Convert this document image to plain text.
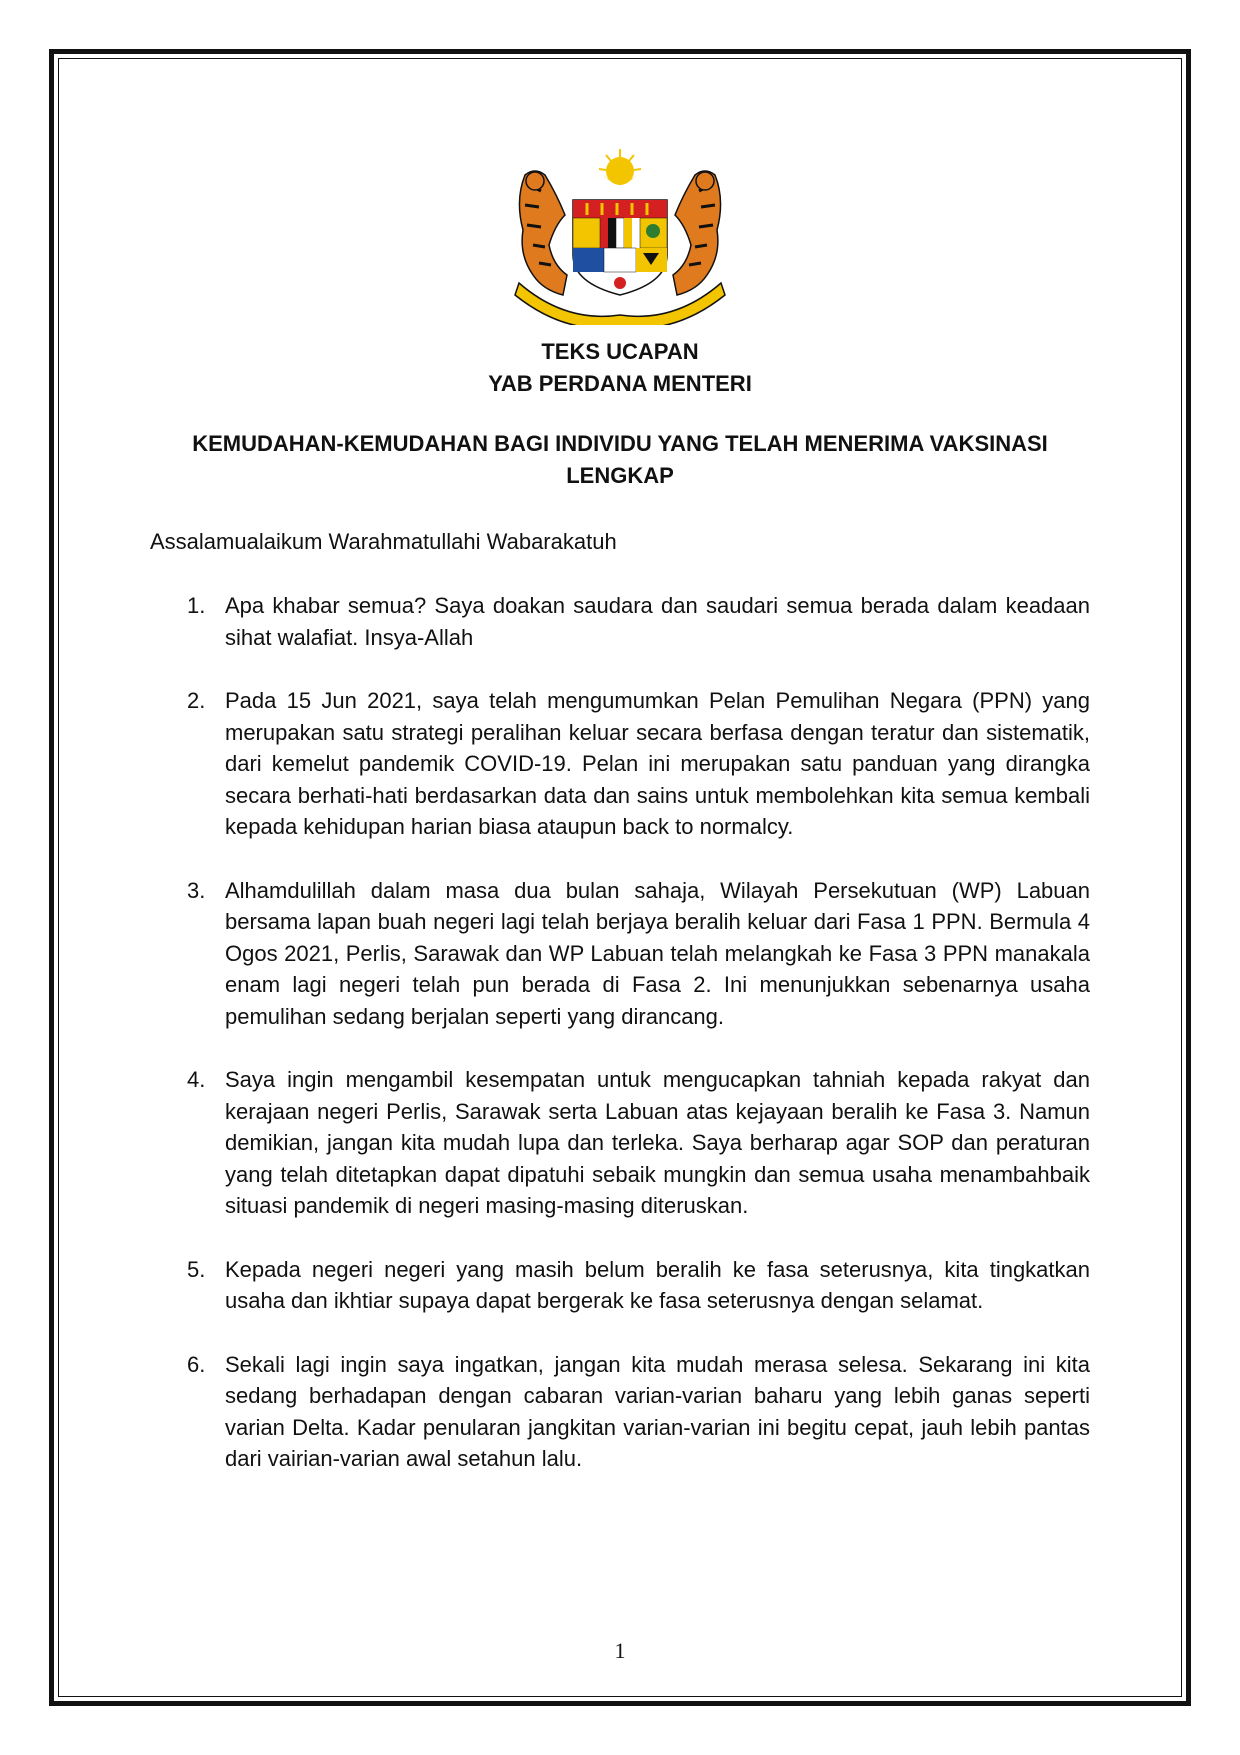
TEKS UCAPAN
YAB PERDANA MENTERI
KEMUDAHAN-KEMUDAHAN BAGI INDIVIDU YANG TELAH MENERIMA VAKSINASI LENGKAP
Assalamualaikum Warahmatullahi Wabarakatuh
1. Apa khabar semua? Saya doakan saudara dan saudari semua berada dalam keadaan sihat walafiat. Insya-Allah
2. Pada 15 Jun 2021, saya telah mengumumkan Pelan Pemulihan Negara (PPN) yang merupakan satu strategi peralihan keluar secara berfasa dengan teratur dan sistematik, dari kemelut pandemik COVID-19. Pelan ini merupakan satu panduan yang dirangka secara berhati-hati berdasarkan data dan sains untuk membolehkan kita semua kembali kepada kehidupan harian biasa ataupun back to normalcy.
3. Alhamdulillah dalam masa dua bulan sahaja, Wilayah Persekutuan (WP) Labuan bersama lapan buah negeri lagi telah berjaya beralih keluar dari Fasa 1 PPN. Bermula 4 Ogos 2021, Perlis, Sarawak dan WP Labuan telah melangkah ke Fasa 3 PPN manakala enam lagi negeri telah pun berada di Fasa 2. Ini menunjukkan sebenarnya usaha pemulihan sedang berjalan seperti yang dirancang.
4. Saya ingin mengambil kesempatan untuk mengucapkan tahniah kepada rakyat dan kerajaan negeri Perlis, Sarawak serta Labuan atas kejayaan beralih ke Fasa 3. Namun demikian, jangan kita mudah lupa dan terleka. Saya berharap agar SOP dan peraturan yang telah ditetapkan dapat dipatuhi sebaik mungkin dan semua usaha menambahbaik situasi pandemik di negeri masing-masing diteruskan.
5. Kepada negeri negeri yang masih belum beralih ke fasa seterusnya, kita tingkatkan usaha dan ikhtiar supaya dapat bergerak ke fasa seterusnya dengan selamat.
6. Sekali lagi ingin saya ingatkan, jangan kita mudah merasa selesa. Sekarang ini kita sedang berhadapan dengan cabaran varian-varian baharu yang lebih ganas seperti varian Delta. Kadar penularan jangkitan varian-varian ini begitu cepat, jauh lebih pantas dari vairian-varian awal setahun lalu.
1
